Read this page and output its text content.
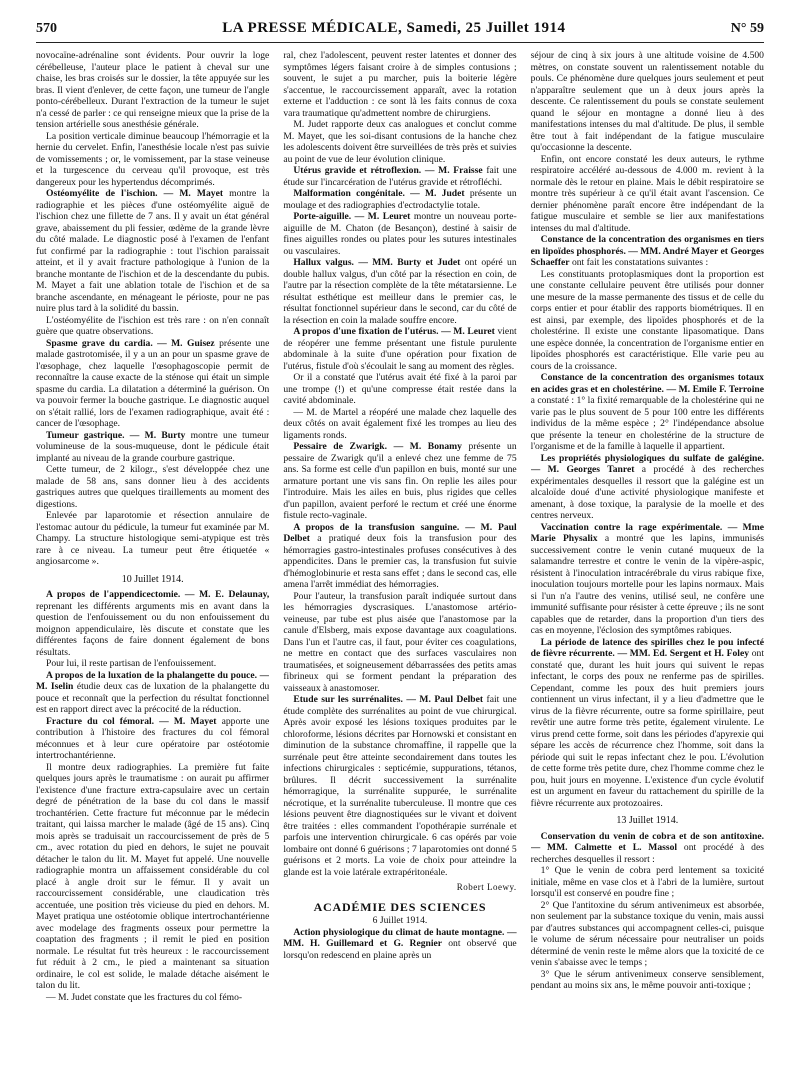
570	LA PRESSE MÉDICALE, Samedi, 25 Juillet 1914	N° 59

novocaïne-adrénaline sont évidents. Pour ouvrir la loge cérébelleuse, l'auteur place le patient à cheval sur une chaise, les bras croisés sur le dossier, la tête appuyée sur les bras. Il vient d'enlever, de cette façon, une tumeur de l'angle ponto-cérébelleux. Durant l'extraction de la tumeur le sujet n'a cessé de parler : ce qui renseigne mieux que la prise de la tension artérielle sous anesthésie générale.

La position verticale diminue beaucoup l'hémorragie et la hernie du cervelet. Enfin, l'anesthésie locale n'est pas suivie de vomissements ; or, le vomissement, par la stase veineuse et la turgescence du cerveau qu'il provoque, est très dangereux pour les hypertendus décomprimés.

Ostéomyélite de l'ischion. — M. Mayet montre la radiographie et les pièces d'une ostéomyélite aiguë de l'ischion chez une fillette de 7 ans. Il y avait un état général grave, abaissement du pli fessier, œdème de la grande lèvre du côté malade. Le diagnostic posé à l'examen de l'enfant fut confirmé par la radiographie : tout l'ischion paraissait atteint, et il y avait fracture pathologique à l'union de la branche montante de l'ischion et de la descendante du pubis. M. Mayet a fait une ablation totale de l'ischion et de sa branche ascendante, en ménageant le périoste, pour ne pas nuire plus tard à la solidité du bassin.

L'ostéomyélite de l'ischion est très rare : on n'en connaît guère que quatre observations.

Spasme grave du cardia. — M. Guisez présente une malade gastrotomisée, il y a un an pour un spasme grave de l'œsophage, chez laquelle l'œsophagoscopie permit de reconnaître la cause exacte de la sténose qui était un simple spasme du cardia. La dilatation a déterminé la guérison. On va pouvoir fermer la bouche gastrique. Le diagnostic auquel on s'était rallié, lors de l'examen radiographique, avait été : cancer de l'œsophage.

Tumeur gastrique. — M. Burty montre une tumeur volumineuse de la sous-muqueuse, dont le pédicule était implanté au niveau de la grande courbure gastrique.

Cette tumeur, de 2 kilogr., s'est développée chez une malade de 58 ans, sans donner lieu à des accidents gastriques autres que quelques tiraillements au moment des digestions.

Enlevée par laparotomie et résection annulaire de l'estomac autour du pédicule, la tumeur fut examinée par M. Champy. La structure histologique semi-atypique est très rare à ce niveau. La tumeur peut être étiquetée « angiosarcome ».

10 Juillet 1914.

A propos de l'appendicectomie. — M. E. Delaunay, reprenant les différents arguments mis en avant dans la question de l'enfouissement ou du non enfouissement du moignon appendiculaire, lès discute et constate que les différentes façons de faire donnent également de bons résultats.

Pour lui, il reste partisan de l'enfouissement.

A propos de la luxation de la phalangette du pouce. — M. Iselin étudie deux cas de luxation de la phalangette du pouce et reconnaît que la perfection du résultat fonctionnel est en rapport direct avec la précocité de la réduction.

Fracture du col fémoral. — M. Mayet apporte une contribution à l'histoire des fractures du col fémoral méconnues et à leur cure opératoire par ostéotomie intertrochantérienne.

Il montre deux radiographies. La première fut faite quelques jours après le traumatisme : on aurait pu affirmer l'existence d'une fracture extra-capsulaire avec un certain degré de pénétration de la base du col dans le massif trochantérien. Cette fracture fut méconnue par le médecin traitant, qui laissa marcher le malade (âgé de 15 ans). Cinq mois après se traduisait un raccourcissement de près de 5 cm., avec rotation du pied en dehors, le sujet ne pouvait détacher le talon du lit. M. Mayet fut appelé. Une nouvelle radiographie montra un affaissement considérable du col placé à angle droit sur le fémur. Il y avait un raccourcissement considérable, une claudication très accentuée, une position très vicieuse du pied en dehors. M. Mayet pratiqua une ostéotomie oblique intertrochantérienne avec modelage des fragments osseux pour permettre la coaptation des fragments ; il remit le pied en position normale. Le résultat fut très heureux : le raccourcissement fut réduit à 2 cm., le pied a maintenant sa situation ordinaire, le col est solide, le malade détache aisément le talon du lit.

— M. Judet constate que les fractures du col fémo-

ral, chez l'adolescent, peuvent rester latentes et donner des symptômes légers faisant croire à de simples contusions ; souvent, le sujet a pu marcher, puis la boiterie légère s'accentue, le raccourcissement apparaît, avec la rotation externe et l'adduction : ce sont là les faits connus de coxa vara traumatique qu'admettent nombre de chirurgiens.

M. Judet rapporte deux cas analogues et conclut comme M. Mayet, que les soi-disant contusions de la hanche chez les adolescents doivent être surveillées de très près et suivies au point de vue de leur évolution clinique.

Utérus gravide et rétroflexion. — M. Fraisse fait une étude sur l'incarcération de l'utérus gravide et rétrofléchi.

Malformation congénitale. — M. Judet présente un moulage et des radiographies d'ectrodactylie totale.

Porte-aiguille. — M. Leuret montre un nouveau porte-aiguille de M. Chaton (de Besançon), destiné à saisir de fines aiguilles rondes ou plates pour les sutures intestinales ou vasculaires.

Hallux valgus. — MM. Burty et Judet ont opéré un double hallux valgus, d'un côté par la résection en coin, de l'autre par la résection complète de la tête métatarsienne. Le résultat esthétique est meilleur dans le premier cas, le résultat fonctionnel supérieur dans le second, car du côté de la résection en coin la malade souffre encore.

A propos d'une fixation de l'utérus. — M. Leuret vient de réopérer une femme présentant une fistule purulente abdominale à la suite d'une opération pour fixation de l'utérus, fistule d'où s'écoulait le sang au moment des règles.

Or il a constaté que l'utérus avait été fixé à la paroi par une trompe (!) et qu'une compresse était restée dans la cavité abdominale.

— M. de Martel a réopéré une malade chez laquelle des deux côtés on avait également fixé les trompes au lieu des ligaments ronds.

Pessaire de Zwarigk. — M. Bonamy présente un pessaire de Zwarigk qu'il a enlevé chez une femme de 75 ans. Sa forme est celle d'un papillon en buis, monté sur une armature portant une vis sans fin. On replie les ailes pour l'introduire. Mais les ailes en buis, plus rigides que celles d'un papillon, avaient perforé le rectum et créé une énorme fistule recto-vaginale.

A propos de la transfusion sanguine. — M. Paul Delbet a pratiqué deux fois la transfusion pour des hémorragies gastro-intestinales profuses consécutives à des appendicites. Dans le premier cas, la transfusion fut suivie d'hémoglobinurie et resta sans effet ; dans le second cas, elle amena l'arrêt immédiat des hémorragies.

Pour l'auteur, la transfusion paraît indiquée surtout dans les hémorragies dyscrasiques. L'anastomose artério-veineuse, par tube est plus aisée que l'anastomose par la canule d'Elsberg, mais expose davantage aux coagulations. Dans l'un et l'autre cas, il faut, pour éviter ces coagulations, ne mettre en contact que des surfaces vasculaires non traumatisées, et soigneusement débarrassées des petits amas fibrineux qui se forment pendant la préparation des vaisseaux à anastomoser.

Etude sur les surrénalites. — M. Paul Delbet fait une étude complète des surrénalites au point de vue chirurgical. Après avoir exposé les lésions toxiques produites par le chloroforme, lésions décrites par Hornowski et consistant en diminution de la substance chromaffine, il rappelle que la surrénale peut être atteinte secondairement dans toutes les infections chirurgicales : septicémie, suppurations, tétanos, brûlures. Il décrit successivement la surrénalite hémorragique, la surrénalite suppurée, le surrénalite nécrotique, et la surrénalite tuberculeuse. Il montre que ces lésions peuvent être diagnostiquées sur le vivant et doivent être traitées : elles commandent l'opothérapie surrénale et parfois une intervention chirurgicale. 6 cas opérés par voie lombaire ont donné 6 guérisons ; 7 laparotomies ont donné 5 guérisons et 2 morts. La voie de choix pour atteindre la glande est la voie latérale extrapéritonéale.

Robert Loewy.
ACADÉMIE DES SCIENCES
6 Juillet 1914.

Action physiologique du climat de haute montagne. — MM. H. Guillemard et G. Regnier ont observé que lorsqu'on redescend en plaine après un

séjour de cinq à six jours à une altitude voisine de 4.500 mètres, on constate souvent un ralentissement notable du pouls. Ce phénomène dure quelques jours seulement et peut n'apparaître seulement que un à deux jours après la descente. Ce ralentissement du pouls se constate seulement quand le séjour en montagne a donné lieu à des manifestations intenses du mal d'altitude. De plus, il semble être tout à fait indépendant de la fatigue musculaire qu'occasionne la descente.

Enfin, ont encore constaté les deux auteurs, le rythme respiratoire accéléré au-dessous de 4.000 m. revient à la normale dès le retour en plaine. Mais le débit respiratoire se montre très supérieur à ce qu'il était avant l'ascension. Ce dernier phénomène paraît encore être indépendant de la fatigue musculaire et semble se lier aux manifestations intenses du mal d'altitude.

Constance de la concentration des organismes en tiers en lipoïdes phosphorés. — MM. André Mayer et Georges Schaeffer ont fait les constatations suivantes :

Les constituants protoplasmiques dont la proportion est une constante cellulaire peuvent être utilisés pour donner une mesure de la masse permanente des tissus et de celle du corps entier et pour établir des rapports biométriques. Il en est ainsi, par exemple, des lipoïdes phosphorés et de la cholestérine. Il existe une constante lipasomatique. Dans une espèce donnée, la concentration de l'organisme entier en lipoïdes phosphorés est caractéristique. Elle varie peu au cours de la croissance.

Constance de la concentration des organismes totaux en acides gras et en cholestérine. — M. Emile F. Terroine a constaté : 1° la fixité remarquable de la cholestérine qui ne varie pas le plus souvent de 5 pour 100 entre les différents individus de la même espèce ; 2° l'indépendance absolue que présente la teneur en cholestérine de la structure de l'organisme et de la famille à laquelle il appartient.

Les propriétés physiologiques du sulfate de galégine. — M. Georges Tanret a procédé à des recherches expérimentales desquelles il ressort que la galégine est un alcaloïde doué d'une activité physiologique manifeste et amenant, à dose toxique, la paralysie de la moelle et des centres nerveux.

Vaccination contre la rage expérimentale. — Mme Marie Physalix a montré que les lapins, immunisés successivement contre le venin cutané muqueux de la salamandre terrestre et contre le venin de la vipère-aspic, résistent à l'inoculation intracérébrale du virus rabique fixe, inoculation toujours mortelle pour les lapins normaux. Mais si l'un n'a l'autre des venins, utilisé seul, ne confère une immunité suffisante pour résister à cette épreuve ; ils ne sont capables que de retarder, dans la proportion d'un tiers des cas en moyenne, l'éclosion des symptômes rabiques.

La période de latence des spirilles chez le pou infecté de fièvre récurrente. — MM. Ed. Sergent et H. Foley ont constaté que, durant les huit jours qui suivent le repas infectant, le corps des poux ne renferme pas de spirilles. Cependant, comme les poux des huit premiers jours contiennent un virus infectant, il y a lieu d'admettre que le virus de la fièvre récurrente, outre sa forme spirillaire, peut revêtir une autre forme très petite, également virulente. Le virus prend cette forme, soit dans les périodes d'apyrexie qui sépare les accès de récurrence chez l'homme, soit dans la période qui suit le repas infectant chez le pou. L'évolution de cette forme très petite dure, chez l'homme comme chez le pou, huit jours en moyenne. L'existence d'un cycle évolutif est un argument en faveur du rattachement du spirille de la fièvre récurrente aux protozoaires.

13 Juillet 1914.

Conservation du venin de cobra et de son antitoxine. — MM. Calmette et L. Massol ont procédé à des recherches desquelles il ressort :

1° Que le venin de cobra perd lentement sa toxicité initiale, même en vase clos et à l'abri de la lumière, surtout lorsqu'il est conservé en poudre fine ;

2° Que l'antitoxine du sérum antivenimeux est absorbée, non seulement par la substance toxique du venin, mais aussi par d'autres substances qui accompagnent celles-ci, puisque le volume de sérum nécessaire pour neutraliser un poids déterminé de venin reste le même alors que la toxicité de ce venin s'abaisse avec le temps ;

3° Que le sérum antivenimeux conserve sensiblement, pendant au moins six ans, le même pouvoir anti-toxique ;
